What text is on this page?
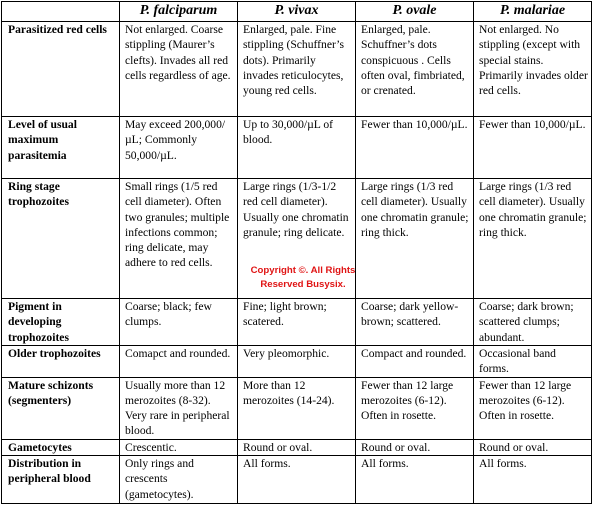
	P. falciparum	P. vivax	P. ovale	P. malariae
Parasitized red cells	Not enlarged. Coarse stippling (Maurer’s clefts). Invades all red cells regardless of age.	Enlarged, pale. Fine stippling (Schuffner’s dots). Primarily invades reticulocytes, young red cells.	Enlarged, pale. Schuffner’s dots conspicuous . Cells often oval, fimbriated, or crenated.	Not enlarged. No stippling (except with special stains. Primarily invades older red cells.
Level of usual maximum parasitemia	May exceed 200,000/µL; Commonly 50,000/µL.	Up to 30,000/µL of blood.	Fewer than 10,000/µL.	Fewer than 10,000/µL.
Ring stage trophozoites	Small rings (1/5 red cell diameter). Often two granules; multiple infections common; ring delicate, may adhere to red cells.	Large rings (1/3-1/2 red cell diameter). Usually one chromatin granule; ring delicate.	Large rings (1/3 red cell diameter). Usually one chromatin granule; ring thick.	Large rings (1/3 red cell diameter). Usually one chromatin granule; ring thick.
Pigment in developing trophozoites	Coarse; black; few clumps.	Fine; light brown; scatered.	Coarse; dark yellow-brown; scattered.	Coarse; dark brown; scattered clumps; abundant.
Older trophozoites	Comapct and rounded.	Very pleomorphic.	Compact and rounded.	Occasional band forms.
Mature schizonts (segmenters)	Usually more than 12 merozoites (8-32). Very rare in peripheral blood.	More than 12 merozoites (14-24).	Fewer than 12 large merozoites (6-12). Often in rosette.	Fewer than 12 large merozoites (6-12). Often in rosette.
Gametocytes	Crescentic.	Round or oval.	Round or oval.	Round or oval.
Distribution in peripheral blood	Only rings and crescents (gametocytes).	All forms.	All forms.	All forms.
Copyright ©. All Rights
Reserved Busysix.
